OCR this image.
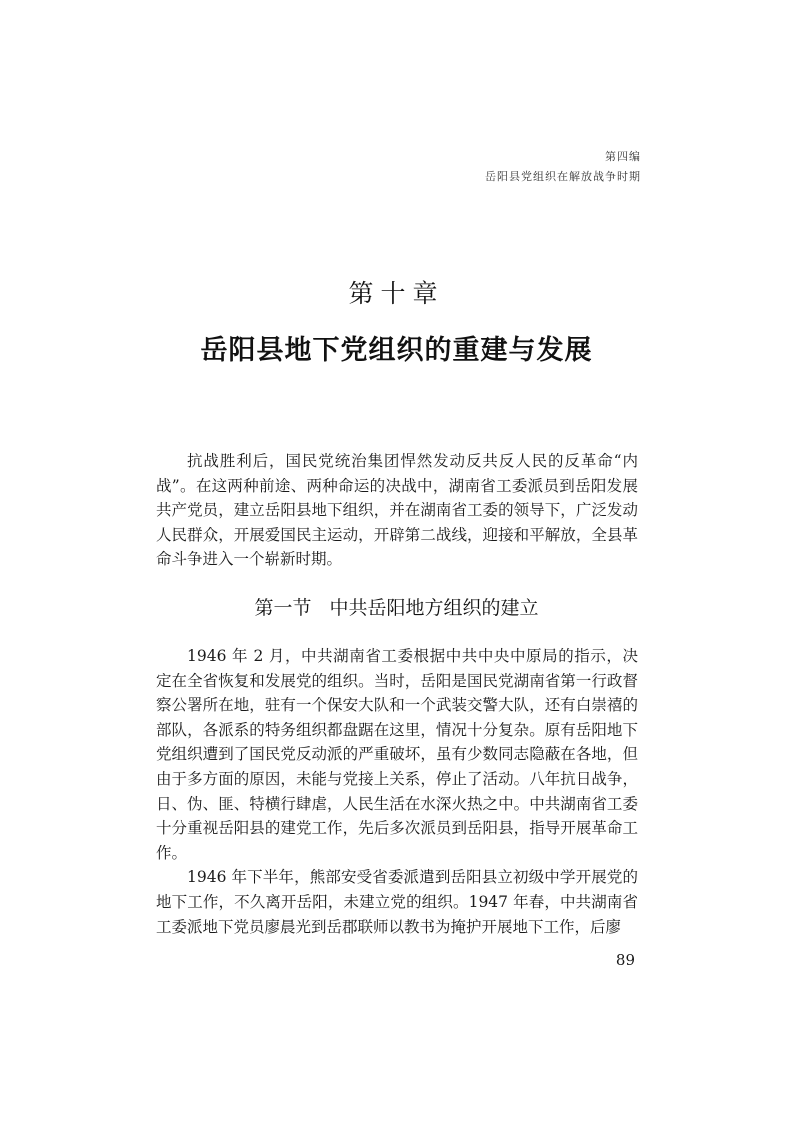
第四编
岳阳县党组织在解放战争时期
第十章
岳阳县地下党组织的重建与发展

抗战胜利后，国民党统治集团悍然发动反共反人民的反革命“内战”。在这两种前途、两种命运的决战中，湖南省工委派员到岳阳发展共产党员，建立岳阳县地下组织，并在湖南省工委的领导下，广泛发动人民群众，开展爱国民主运动，开辟第二战线，迎接和平解放，全县革命斗争进入一个崭新时期。

第一节 中共岳阳地方组织的建立

1946 年 2 月，中共湖南省工委根据中共中央中原局的指示，决定在全省恢复和发展党的组织。当时，岳阳是国民党湖南省第一行政督察公署所在地，驻有一个保安大队和一个武装交警大队，还有白崇禧的部队，各派系的特务组织都盘踞在这里，情况十分复杂。原有岳阳地下党组织遭到了国民党反动派的严重破坏，虽有少数同志隐蔽在各地，但由于多方面的原因，未能与党接上关系，停止了活动。八年抗日战争，日、伪、匪、特横行肆虐，人民生活在水深火热之中。中共湖南省工委十分重视岳阳县的建党工作，先后多次派员到岳阳县，指导开展革命工作。

1946 年下半年，熊部安受省委派遣到岳阳县立初级中学开展党的地下工作，不久离开岳阳，未建立党的组织。1947 年春，中共湖南省工委派地下党员廖晨光到岳郡联师以教书为掩护开展地下工作，后廖

89
